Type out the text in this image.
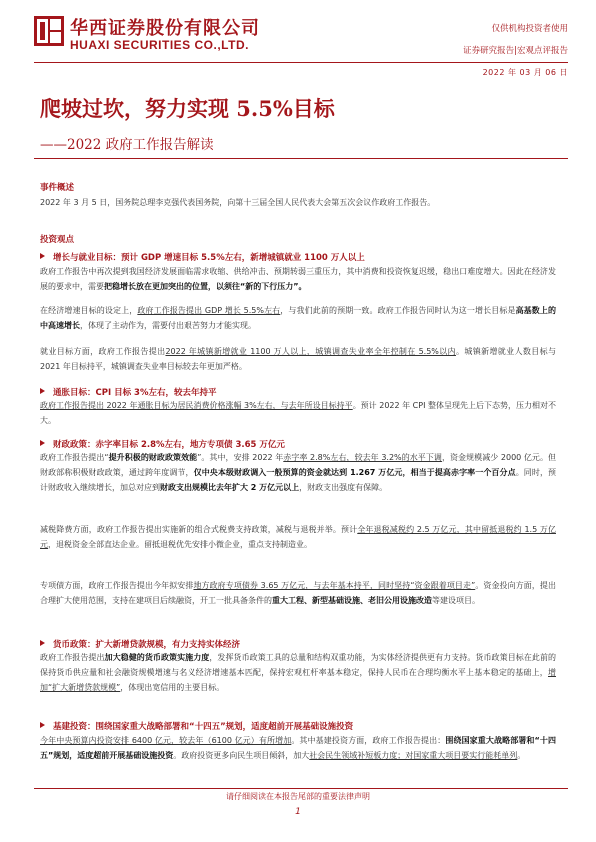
华西证券股份有限公司
HUAXI SECURITIES CO.,LTD.
仅供机构投资者使用
证券研究报告|宏观点评报告
2022 年 03 月 06 日
爬坡过坎，努力实现 5.5%目标
——2022 政府工作报告解读
事件概述
2022 年 3 月 5 日，国务院总理李克强代表国务院，向第十三届全国人民代表大会第五次会议作政府工作报告。
投资观点
增长与就业目标：预计 GDP 增速目标 5.5%左右，新增城镇就业 1100 万人以上
政府工作报告中再次提到我国经济发展面临需求收缩、供给冲击、预期转弱三重压力，其中消费和投资恢复迟缓，稳出口难度增大。因此在经济发展的要求中，需要把稳增长放在更加突出的位置，以须往“新的下行压力”。
在经济增速目标的设定上，政府工作报告提出 GDP 增长 5.5%左右，与我们此前的预期一致。政府工作报告同时认为这一增长目标是高基数上的中高速增长，体现了主动作为，需要付出艰苦努力才能实现。
就业目标方面，政府工作报告提出2022 年城镇新增就业 1100 万人以上，城镇调查失业率全年控制在 5.5%以内。城镇新增就业人数目标与 2021 年目标持平，城镇调查失业率目标较去年更加严格。
通胀目标：CPI 目标 3%左右，较去年持平
政府工作报告提出 2022 年通胀目标为居民消费价格涨幅 3%左右，与去年所设目标持平。预计 2022 年 CPI 整体呈现先上后下态势，压力相对不大。
财政政策：赤字率目标 2.8%左右，地方专项债 3.65 万亿元
政府工作报告提出“提升积极的财政政策效能”。其中，安排 2022 年赤字率 2.8%左右，较去年 3.2%的水平下调，资金规模减少 2000 亿元。但财政部称积极财政政策，通过跨年度调节，仅中央本级财政调入一般预算的资金就达到 1.267 万亿元，相当于提高赤字率一个百分点。同时，预计财政收入继续增长，加总对应到财政支出规模比去年扩大 2 万亿元以上，财政支出强度有保障。
减税降费方面，政府工作报告提出实施新的组合式税费支持政策，减税与退税并举。预计全年退税减税约 2.5 万亿元，其中留抵退税约 1.5 万亿元，退税资金全部直达企业。留抵退税优先安排小微企业，重点支持制造业。
专项债方面，政府工作报告提出今年拟安排地方政府专项债券 3.65 万亿元，与去年基本持平，同时坚持“资金跟着项目走”。资金投向方面，提出合理扩大使用范围，支持在建项目后续融资，开工一批具备条件的重大工程、新型基础设施、老旧公用设施改造等建设项目。
货币政策：扩大新增贷款规模，有力支持实体经济
政府工作报告提出加大稳健的货币政策实施力度，发挥货币政策工具的总量和结构双重功能，为实体经济提供更有力支持。货币政策目标在此前的保持货币供应量和社会融资规模增速与名义经济增速基本匹配，保持宏观杠杆率基本稳定，保持人民币在合理均衡水平上基本稳定的基础上，增加“扩大新增贷款规模”，体现出宽信用的主要目标。
基建投资：围绕国家重大战略部署和“十四五”规划，适度超前开展基础设施投资
今年中央预算内投资安排 6400 亿元，较去年（6100 亿元）有所增加。其中基建投资方面，政府工作报告提出：围绕国家重大战略部署和“十四五”规划，适度超前开展基础设施投资。政府投资更多向民生项目倾斜，加大社会民生领域补短板力度；对国家重大项目要实行能耗单列。
请仔细阅读在本报告尾部的重要法律声明
1
